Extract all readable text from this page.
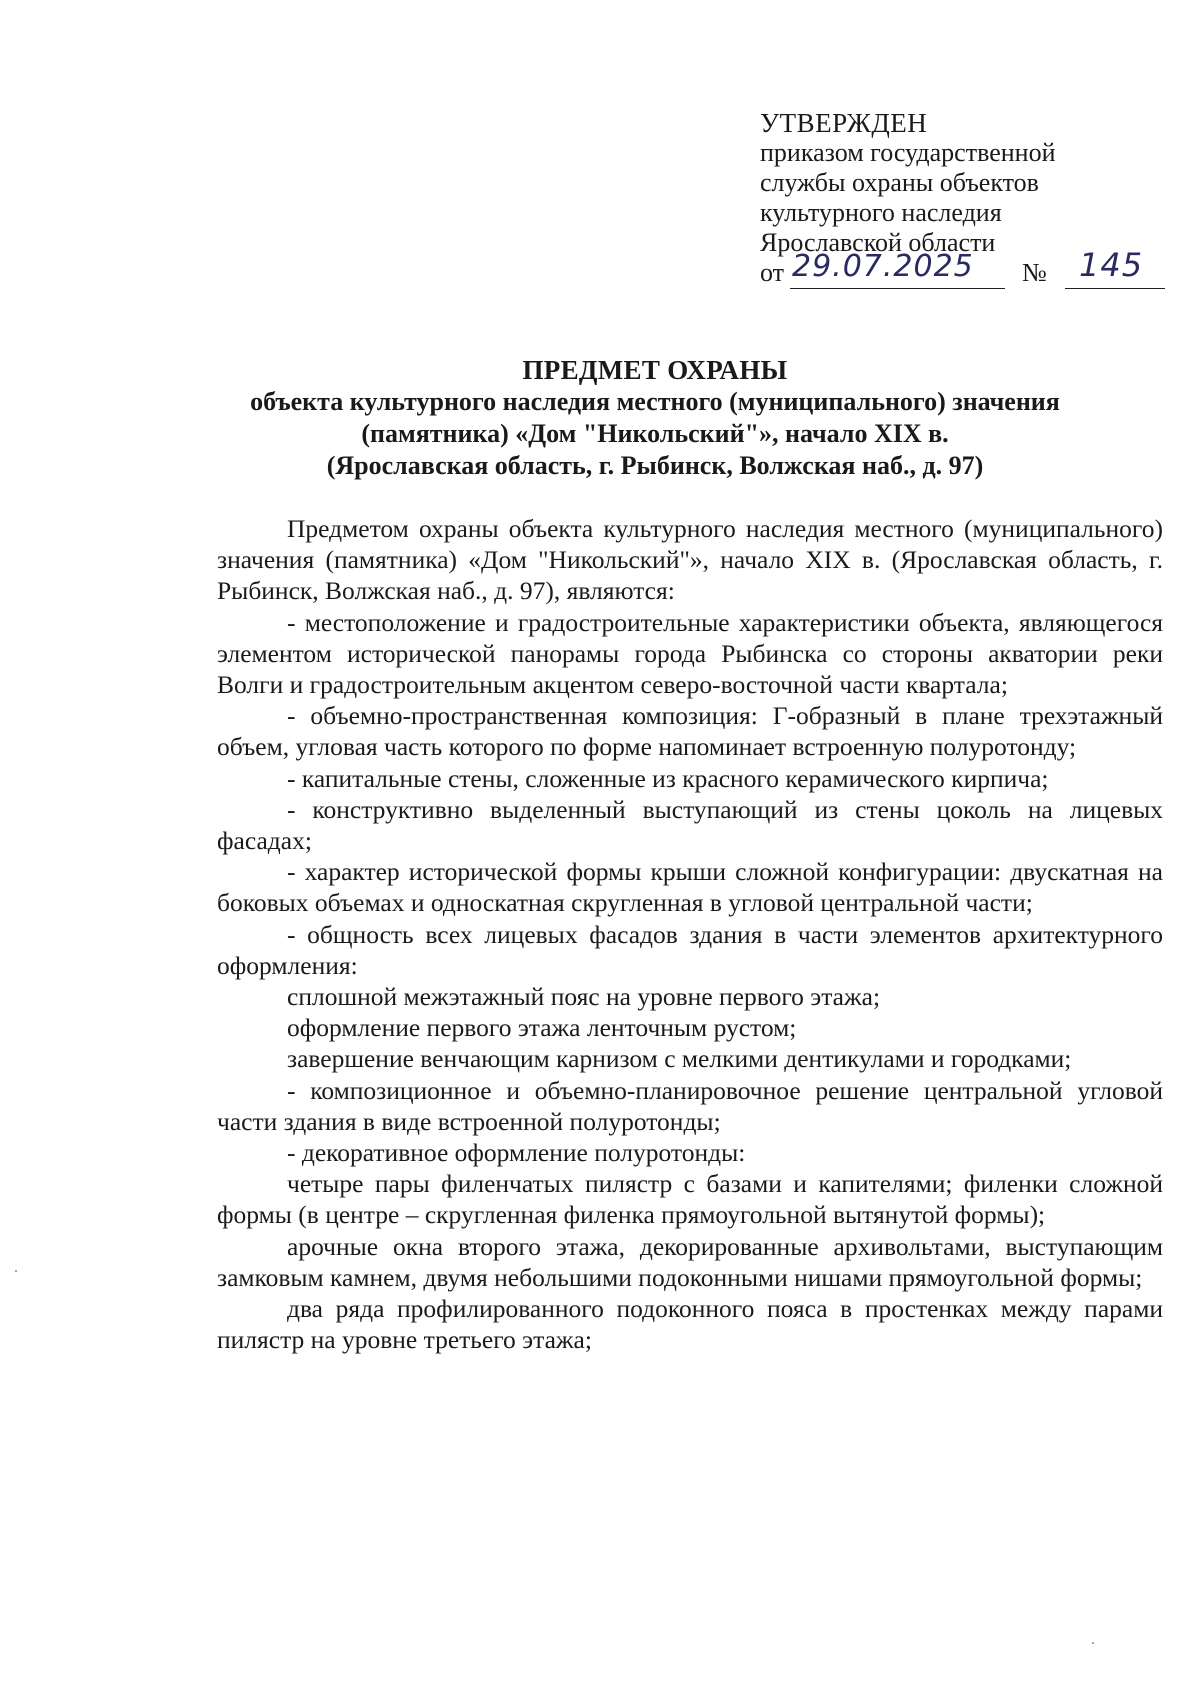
УТВЕРЖДЕН
приказом государственной
службы охраны объектов
культурного наследия
Ярославской области
от 29.07.2025 № 145
ПРЕДМЕТ ОХРАНЫ
объекта культурного наследия местного (муниципального) значения
(памятника) «Дом "Никольский"», начало XIX в.
(Ярославская область, г. Рыбинск, Волжская наб., д. 97)

Предметом охраны объекта культурного наследия местного (муниципального) значения (памятника) «Дом "Никольский"», начало XIX в. (Ярославская область, г. Рыбинск, Волжская наб., д. 97), являются:

- местоположение и градостроительные характеристики объекта, являющегося элементом исторической панорамы города Рыбинска со стороны акватории реки Волги и градостроительным акцентом северо-восточной части квартала;

- объемно-пространственная композиция: Г-образный в плане трехэтажный объем, угловая часть которого по форме напоминает встроенную полуротонду;

- капитальные стены, сложенные из красного керамического кирпича;

- конструктивно выделенный выступающий из стены цоколь на лицевых фасадах;

- характер исторической формы крыши сложной конфигурации: двускатная на боковых объемах и односкатная скругленная в угловой центральной части;

- общность всех лицевых фасадов здания в части элементов архитектурного оформления:

сплошной межэтажный пояс на уровне первого этажа;

оформление первого этажа ленточным рустом;

завершение венчающим карнизом с мелкими дентикулами и городками;

- композиционное и объемно-планировочное решение центральной угловой части здания в виде встроенной полуротонды;

- декоративное оформление полуротонды:

четыре пары филенчатых пилястр с базами и капителями; филенки сложной формы (в центре – скругленная филенка прямоугольной вытянутой формы);

арочные окна второго этажа, декорированные архивольтами, выступающим замковым камнем, двумя небольшими подоконными нишами прямоугольной формы;

два ряда профилированного подоконного пояса в простенках между парами пилястр на уровне третьего этажа;
